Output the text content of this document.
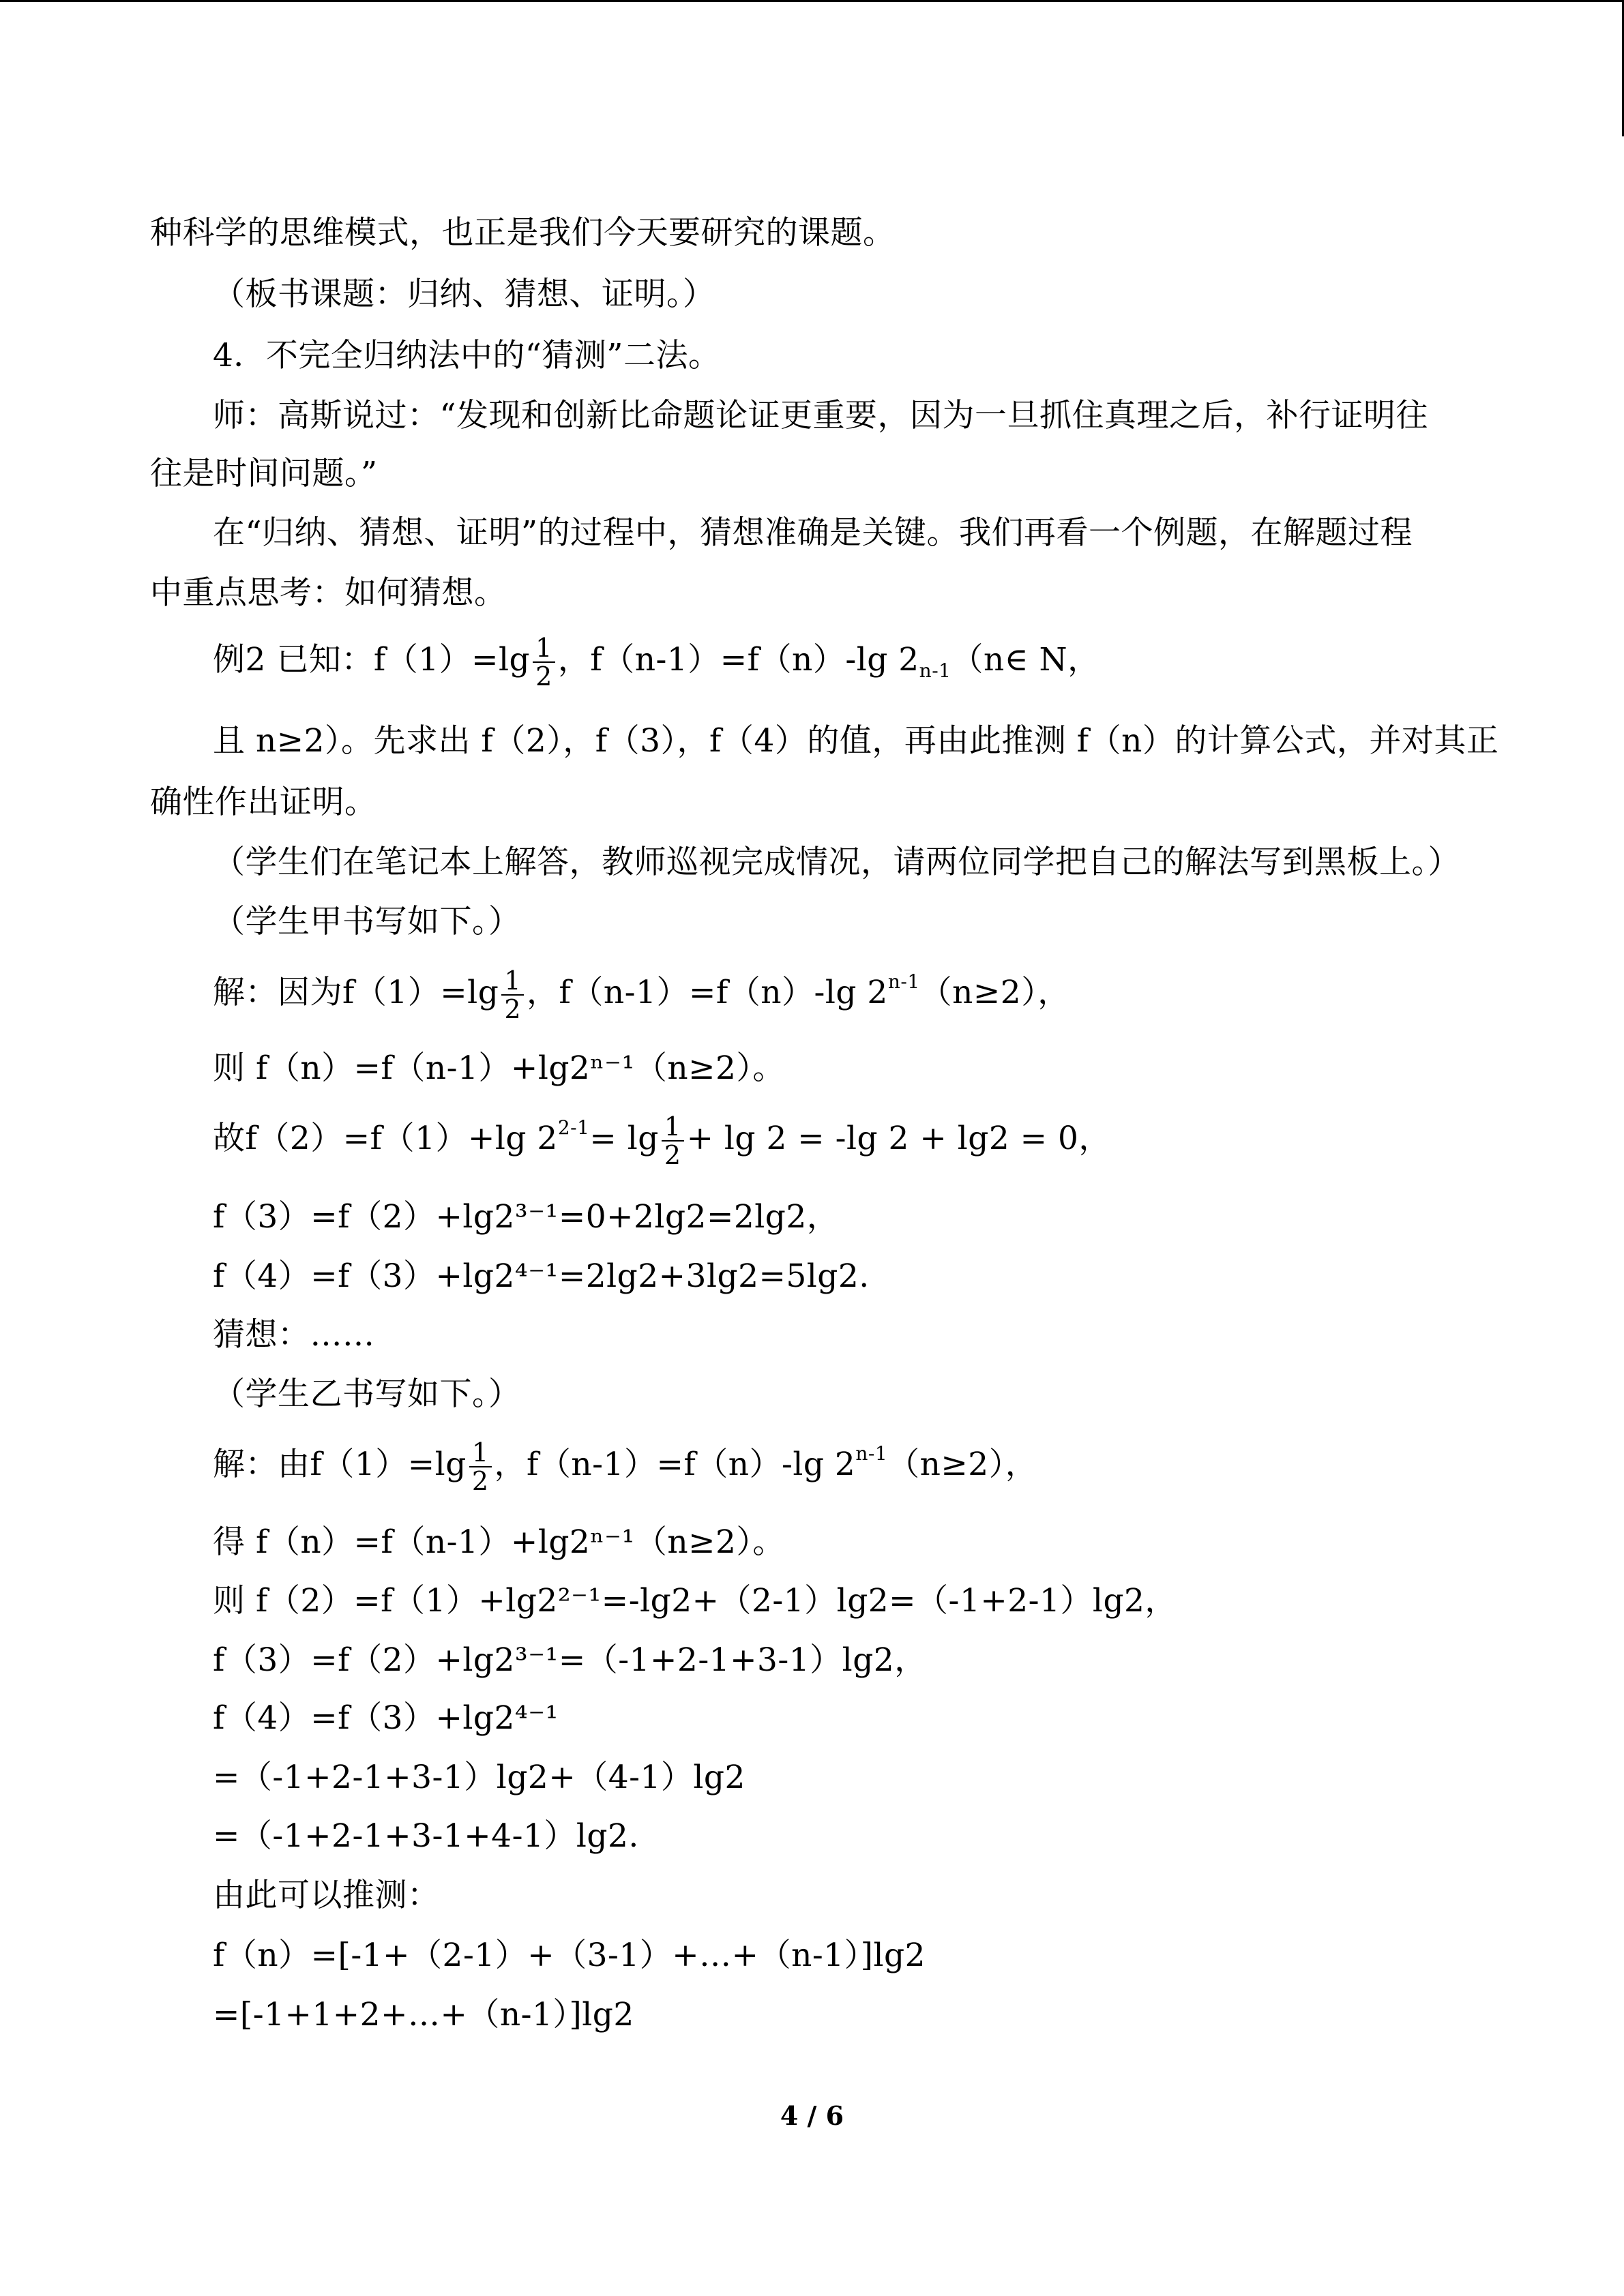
种科学的思维模式，也正是我们今天要研究的课题。
（板书课题：归纳、猜想、证明。）
4．不完全归纳法中的“猜测”二法。
师：高斯说过：“发现和创新比命题论证更重要，因为一旦抓住真理之后，补行证明往
往是时间问题。”
在“归纳、猜想、证明”的过程中，猜想准确是关键。我们再看一个例题，在解题过程
中重点思考：如何猜想。
例2 已知：$f(1)=\lg \frac{1}{2}$ ，f（n-1）=f（n）-lg $2_{n-1}(n\in$ N，
且 n≥2）。先求出 f（2），f（3），f（4）的值，再由此推测 f（n）的计算公式，并对其正
确性作出证明。
（学生们在笔记本上解答，教师巡视完成情况，请两位同学把自己的解法写到黑板上。）
（学生甲书写如下。）
解：因为$f(1)=\lg \frac{1}{2}$ ，f（n-1）=f（n）-lg $2^{n-1}(n\ge 2)$，
则 f（n）=f（n-1）+lg2ⁿ⁻¹（n≥2）。
故f（2）=f（1）+lg $2^{2-1}= \lg \frac{1}{2} + \lg 2 = -\lg$ 2 + lg2 = 0，
f（3）=f（2）+lg2³⁻¹=0+2lg2=2lg2，
f（4）=f（3）+lg2⁴⁻¹=2lg2+3lg2=5lg2.
猜想：……
（学生乙书写如下。）
解：由$f(1)=\lg \frac{1}{2}$ ，f（n-1）=f（n）-lg $2^{n-1}(n\ge 2)$，
得 f（n）=f（n-1）+lg2ⁿ⁻¹（n≥2）。
则 f（2）=f（1）+lg2²⁻¹=-lg2+（2-1）lg2=（-1+2-1）lg2，
f（3）=f（2）+lg2³⁻¹=（-1+2-1+3-1）lg2，
f（4）=f（3）+lg2⁴⁻¹
=（-1+2-1+3-1）lg2+（4-1）lg2
=（-1+2-1+3-1+4-1）lg2.
由此可以推测：
f（n）=[-1+（2-1）+（3-1）+…+（n-1）]lg2
=[-1+1+2+…+（n-1）]lg2
4 / 6
